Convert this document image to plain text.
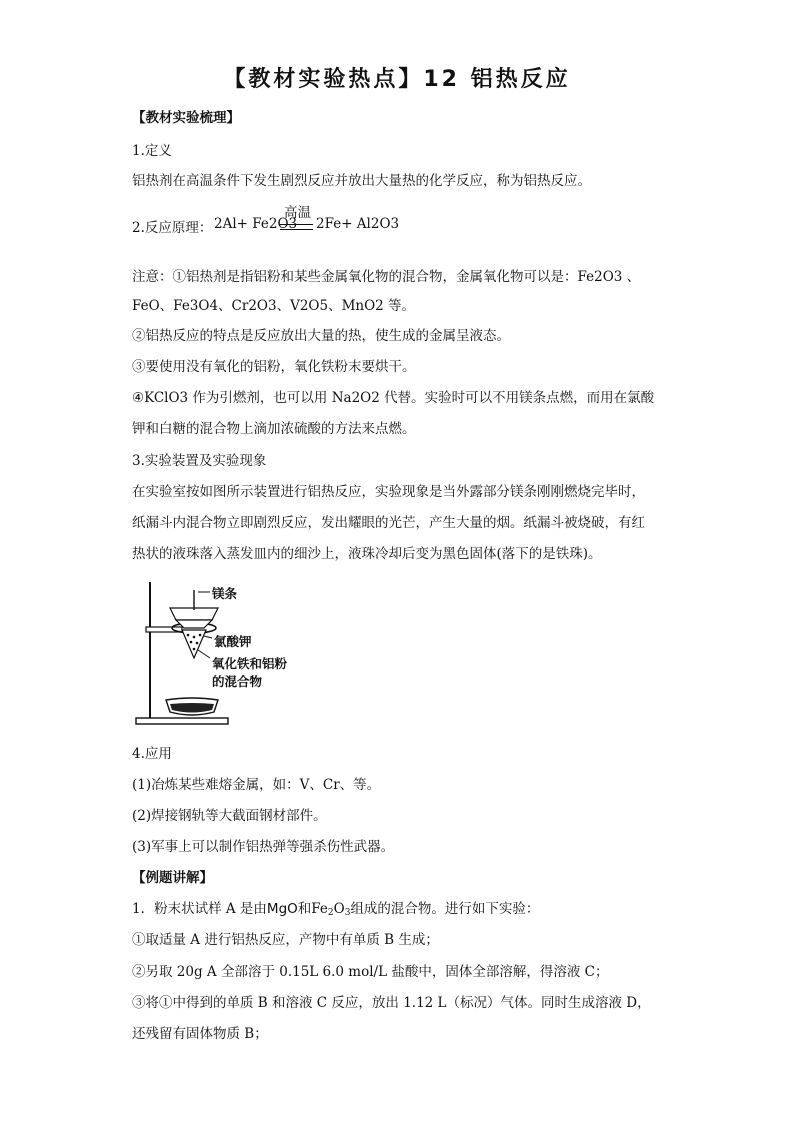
【教材实验热点】12 铝热反应
【教材实验梳理】
1.定义
铝热剂在高温条件下发生剧烈反应并放出大量热的化学反应，称为铝热反应。
2.反应原理： 2Al+ Fe2O3
高温
2Fe+ Al2O3
注意：①铝热剂是指铝粉和某些金属氧化物的混合物，金属氧化物可以是：Fe2O3 、
FeO、Fe3O4、Cr2O3、V2O5、MnO2 等。
②铝热反应的特点是反应放出大量的热，使生成的金属呈液态。
③要使用没有氧化的铝粉，氧化铁粉末要烘干。
④KClO3 作为引燃剂，也可以用 Na2O2 代替。实验时可以不用镁条点燃，而用在氯酸
钾和白糖的混合物上滴加浓硫酸的方法来点燃。
3.实验装置及实验现象
在实验室按如图所示装置进行铝热反应，实验现象是当外露部分镁条刚刚燃烧完毕时，
纸漏斗内混合物立即剧烈反应，发出耀眼的光芒，产生大量的烟。纸漏斗被烧破，有红
热状的液珠落入蒸发皿内的细沙上，液珠冷却后变为黑色固体(落下的是铁珠)。
镁条
氯酸钾
氧化铁和铝粉
的混合物
4.应用
(1)冶炼某些难熔金属，如：V、Cr、等。
(2)焊接钢轨等大截面钢材部件。
(3)军事上可以制作铝热弹等强杀伤性武器。
【例题讲解】
1．粉末状试样 A 是由MgO和$Fe_2O_3$组成的混合物。进行如下实验：
①取适量 A 进行铝热反应，产物中有单质 B 生成；
②另取 20g A 全部溶于 0.15L 6.0 mol/L 盐酸中，固体全部溶解，得溶液 C；
③将①中得到的单质 B 和溶液 C 反应，放出 1.12 L（标况）气体。同时生成溶液 D，
还残留有固体物质 B；
